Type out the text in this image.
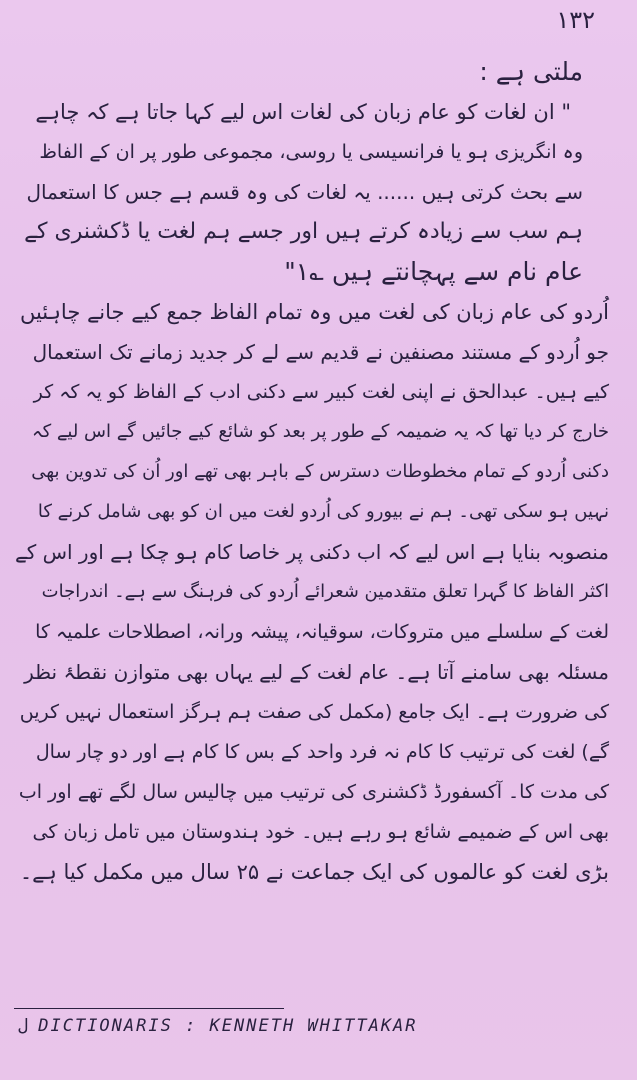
۱۳۲
ملتی ہے :
" ان لغات کو عام زبان کی لغات اس لیے کہا جاتا ہے کہ چاہے
وہ انگریزی ہو یا فرانسیسی یا روسی، مجموعی طور پر ان کے الفاظ
سے بحث کرتی ہیں ...... یہ لغات کی وہ قسم ہے جس کا استعمال
ہم سب سے زیادہ کرتے ہیں اور جسے ہم لغت یا ڈکشنری کے
عام نام سے پہچانتے ہیں ؎۱"
اُردو کی عام زبان کی لغت میں وہ تمام الفاظ جمع کیے جانے چاہئیں
جو اُردو کے مستند مصنفین نے قدیم سے لے کر جدید زمانے تک استعمال
کیے ہیں۔ عبدالحق نے اپنی لغت کبیر سے دکنی ادب کے الفاظ کو یہ کہ کر
خارج کر دیا تھا کہ یہ ضمیمہ کے طور پر بعد کو شائع کیے جائیں گے اس لیے کہ
دکنی اُردو کے تمام مخطوطات دسترس کے باہر بھی تھے اور اُن کی تدوین بھی
نہیں ہو سکی تھی۔ ہم نے بیورو کی اُردو لغت میں ان کو بھی شامل کرنے کا
منصوبہ بنایا ہے اس لیے کہ اب دکنی پر خاصا کام ہو چکا ہے اور اس کے
اکثر الفاظ کا گہرا تعلق متقدمین شعرائے اُردو کی فرہنگ سے ہے۔ اندراجات
لغت کے سلسلے میں متروکات، سوقیانہ، پیشہ ورانہ، اصطلاحات علمیہ کا
مسئلہ بھی سامنے آتا ہے۔ عام لغت کے لیے یہاں بھی متوازن نقطۂ نظر
کی ضرورت ہے۔ ایک جامع (مکمل کی صفت ہم ہرگز استعمال نہیں کریں
گے) لغت کی ترتیب کا کام نہ فرد واحد کے بس کا کام ہے اور دو چار سال
کی مدت کا۔ آکسفورڈ ڈکشنری کی ترتیب میں چالیس سال لگے تھے اور اب
بھی اس کے ضمیمے شائع ہو رہے ہیں۔ خود ہندوستان میں تامل زبان کی
بڑی لغت کو عالموں کی ایک جماعت نے ۲۵ سال میں مکمل کیا ہے۔
ل DICTIONARIS : KENNETH WHITTAKAR
